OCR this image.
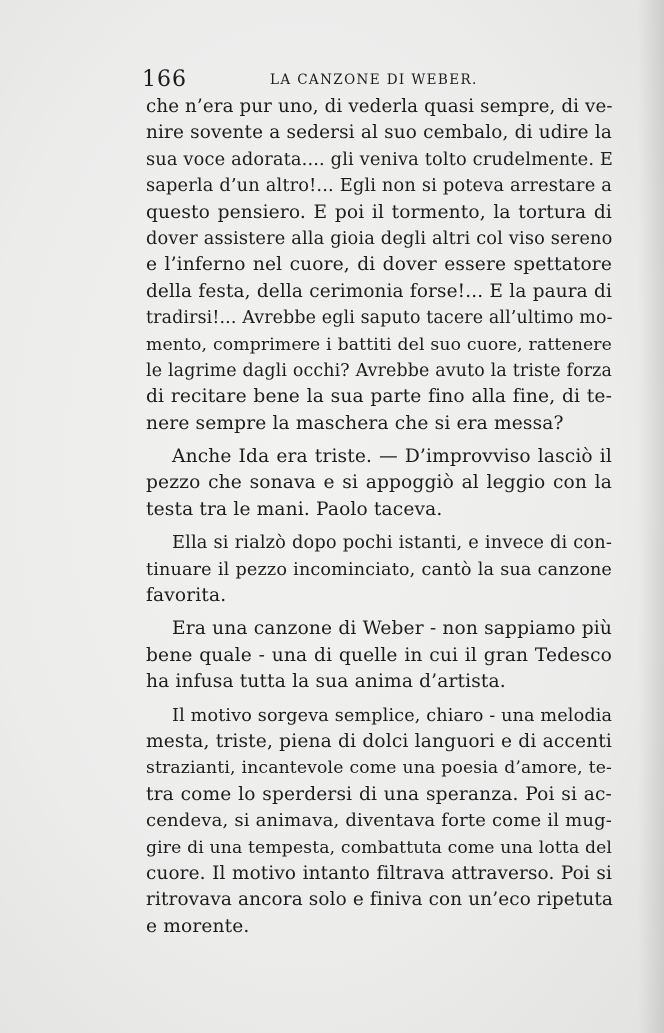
166	LA CANZONE DI WEBER.
che n’era pur uno, di vederla quasi sempre, di ve-
nire sovente a sedersi al suo cembalo, di udire la
sua voce adorata.... gli veniva tolto crudelmente. E
saperla d’un altro!... Egli non si poteva arrestare a
questo pensiero. E poi il tormento, la tortura di
dover assistere alla gioia degli altri col viso sereno
e l’inferno nel cuore, di dover essere spettatore
della festa, della cerimonia forse!... E la paura di
tradirsi!... Avrebbe egli saputo tacere all’ultimo mo-
mento, comprimere i battiti del suo cuore, rattenere
le lagrime dagli occhi? Avrebbe avuto la triste forza
di recitare bene la sua parte fino alla fine, di te-
nere sempre la maschera che si era messa?
Anche Ida era triste. — D’improvviso lasciò il
pezzo che sonava e si appoggiò al leggio con la
testa tra le mani. Paolo taceva.
Ella si rialzò dopo pochi istanti, e invece di con-
tinuare il pezzo incominciato, cantò la sua canzone
favorita.
Era una canzone di Weber - non sappiamo più
bene quale - una di quelle in cui il gran Tedesco
ha infusa tutta la sua anima d’artista.
Il motivo sorgeva semplice, chiaro - una melodia
mesta, triste, piena di dolci languori e di accenti
strazianti, incantevole come una poesia d’amore, te-
tra come lo sperdersi di una speranza. Poi si ac-
cendeva, si animava, diventava forte come il mug-
gire di una tempesta, combattuta come una lotta del
cuore. Il motivo intanto filtrava attraverso. Poi si
ritrovava ancora solo e finiva con un’eco ripetuta
e morente.
